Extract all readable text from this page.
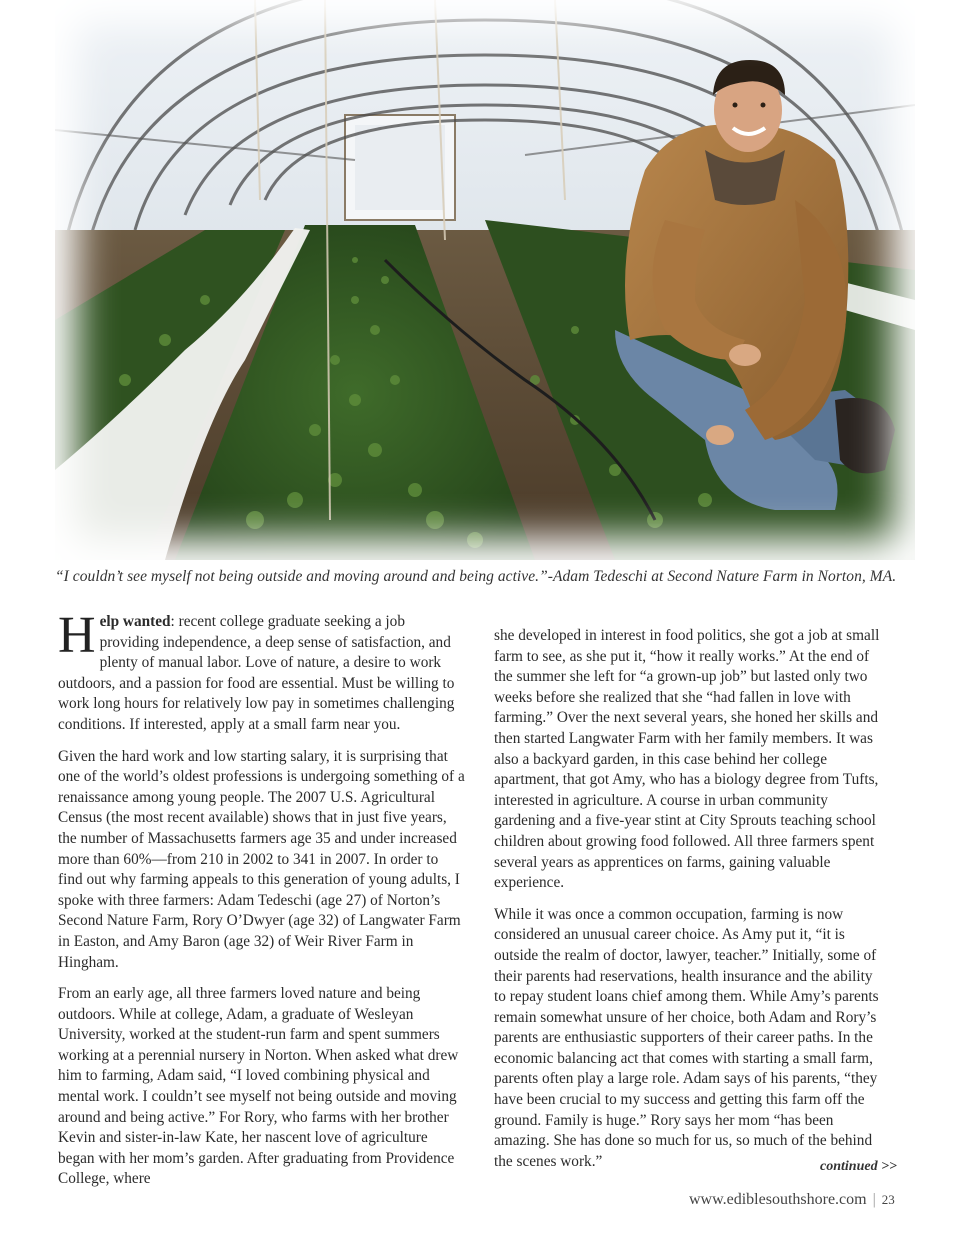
“I couldn’t see myself not being outside and moving around and being active.”-Adam Tedeschi at Second Nature Farm in Norton, MA.

Help wanted: recent college graduate seeking a job providing independence, a deep sense of satisfaction, and plenty of manual labor. Love of nature, a desire to work outdoors, and a passion for food are essential. Must be willing to work long hours for relatively low pay in sometimes challenging conditions. If interested, apply at a small farm near you.

Given the hard work and low starting salary, it is surprising that one of the world’s oldest professions is undergoing something of a renaissance among young people. The 2007 U.S. Agricultural Census (the most recent available) shows that in just five years, the number of Massachusetts farmers age 35 and under increased more than 60%—from 210 in 2002 to 341 in 2007. In order to find out why farming appeals to this generation of young adults, I spoke with three farmers: Adam Tedeschi (age 27) of Norton’s Second Nature Farm, Rory O’Dwyer (age 32) of Langwater Farm in Easton, and Amy Baron (age 32) of Weir River Farm in Hingham.

From an early age, all three farmers loved nature and being outdoors. While at college, Adam, a graduate of Wesleyan University, worked at the student-run farm and spent summers working at a perennial nursery in Norton. When asked what drew him to farming, Adam said, “I loved combining physical and mental work. I couldn’t see myself not being outside and moving around and being active.” For Rory, who farms with her brother Kevin and sister-in-law Kate, her nascent love of agriculture began with her mom’s garden. After graduating from Providence College, where

she developed in interest in food politics, she got a job at small farm to see, as she put it, “how it really works.” At the end of the summer she left for “a grown-up job” but lasted only two weeks before she realized that she “had fallen in love with farming.” Over the next several years, she honed her skills and then started Langwater Farm with her family members. It was also a backyard garden, in this case behind her college apartment, that got Amy, who has a biology degree from Tufts, interested in agriculture. A course in urban community gardening and a five-year stint at City Sprouts teaching school children about growing food followed. All three farmers spent several years as apprentices on farms, gaining valuable experience.

While it was once a common occupation, farming is now considered an unusual career choice. As Amy put it, “it is outside the realm of doctor, lawyer, teacher.” Initially, some of their parents had reservations, health insurance and the ability to repay student loans chief among them. While Amy’s parents remain somewhat unsure of her choice, both Adam and Rory’s parents are enthusiastic supporters of their career paths. In the economic balancing act that comes with starting a small farm, parents often play a large role. Adam says of his parents, “they have been crucial to my success and getting this farm off the ground. Family is huge.” Rory says her mom “has been amazing. She has done so much for us, so much of the behind the scenes work.”	continued >>
www.ediblesouthshore.com | 23
